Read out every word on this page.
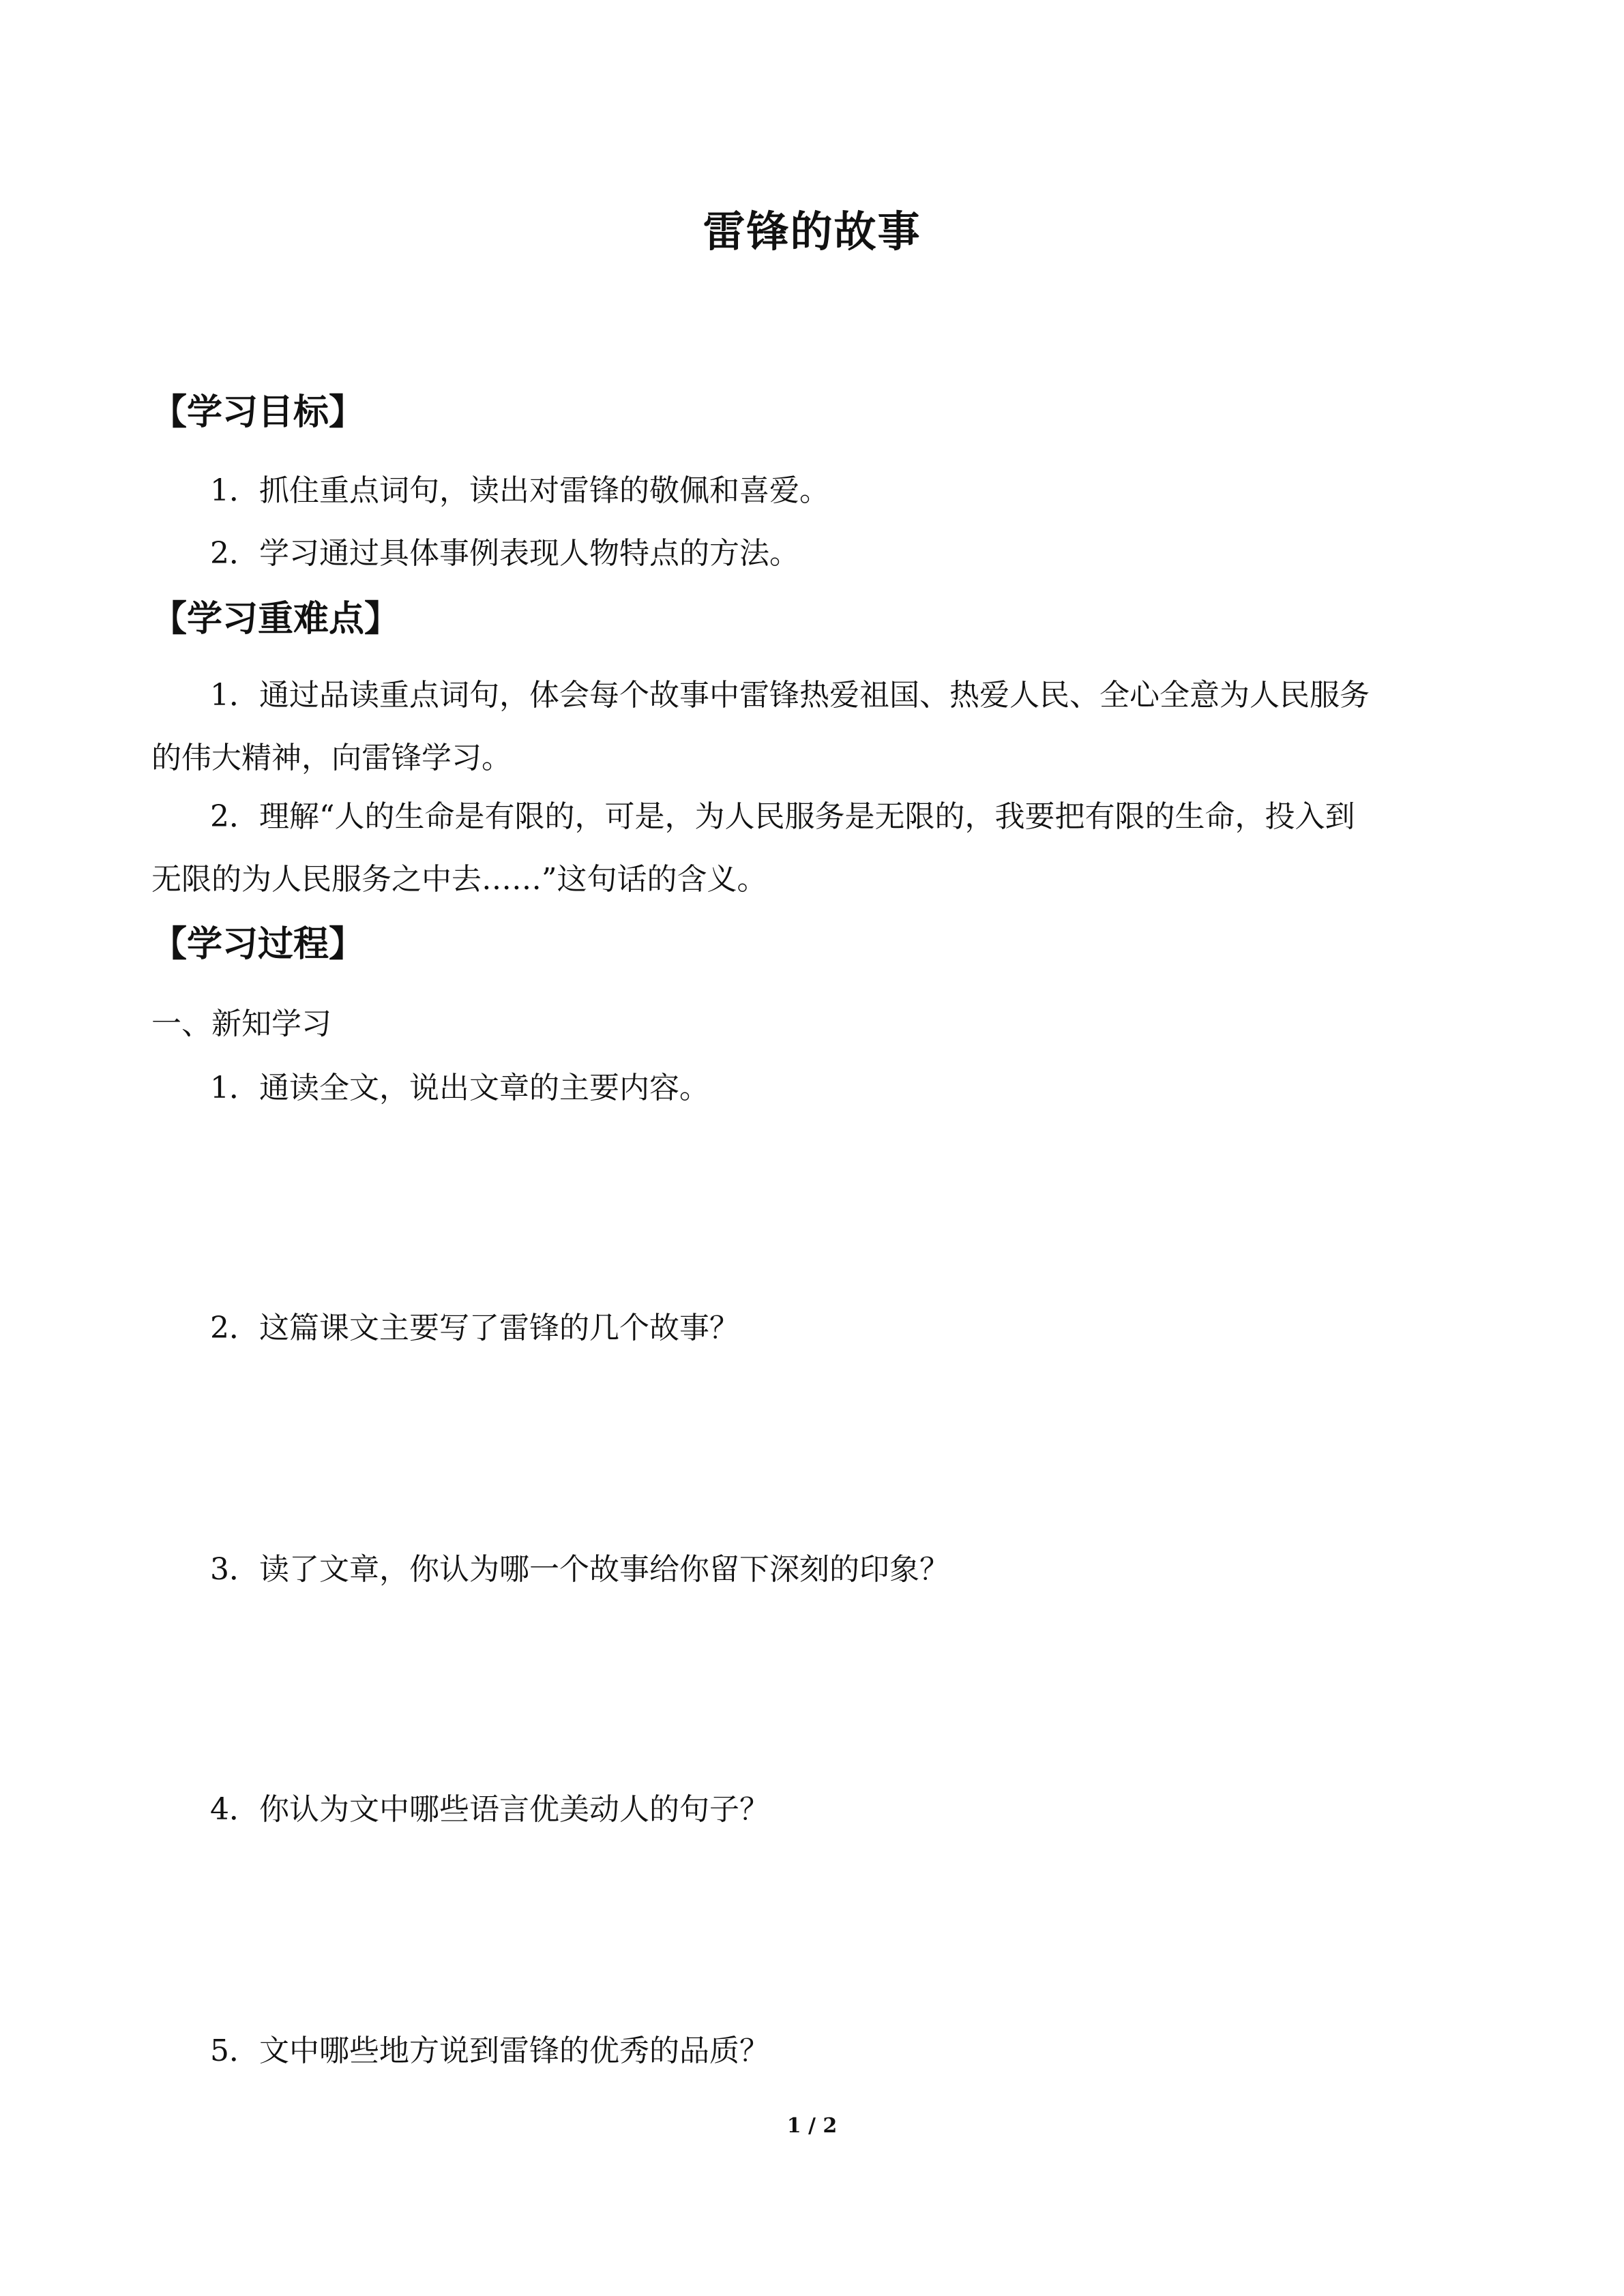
雷锋的故事
【学习目标】
1．抓住重点词句，读出对雷锋的敬佩和喜爱。
2．学习通过具体事例表现人物特点的方法。
【学习重难点】
1．通过品读重点词句，体会每个故事中雷锋热爱祖国、热爱人民、全心全意为人民服务
的伟大精神，向雷锋学习。
2．理解“人的生命是有限的，可是，为人民服务是无限的，我要把有限的生命，投入到
无限的为人民服务之中去……”这句话的含义。
【学习过程】
一、新知学习
1．通读全文，说出文章的主要内容。
2．这篇课文主要写了雷锋的几个故事？
3．读了文章，你认为哪一个故事给你留下深刻的印象？
4．你认为文中哪些语言优美动人的句子？
5．文中哪些地方说到雷锋的优秀的品质？
1 / 2
